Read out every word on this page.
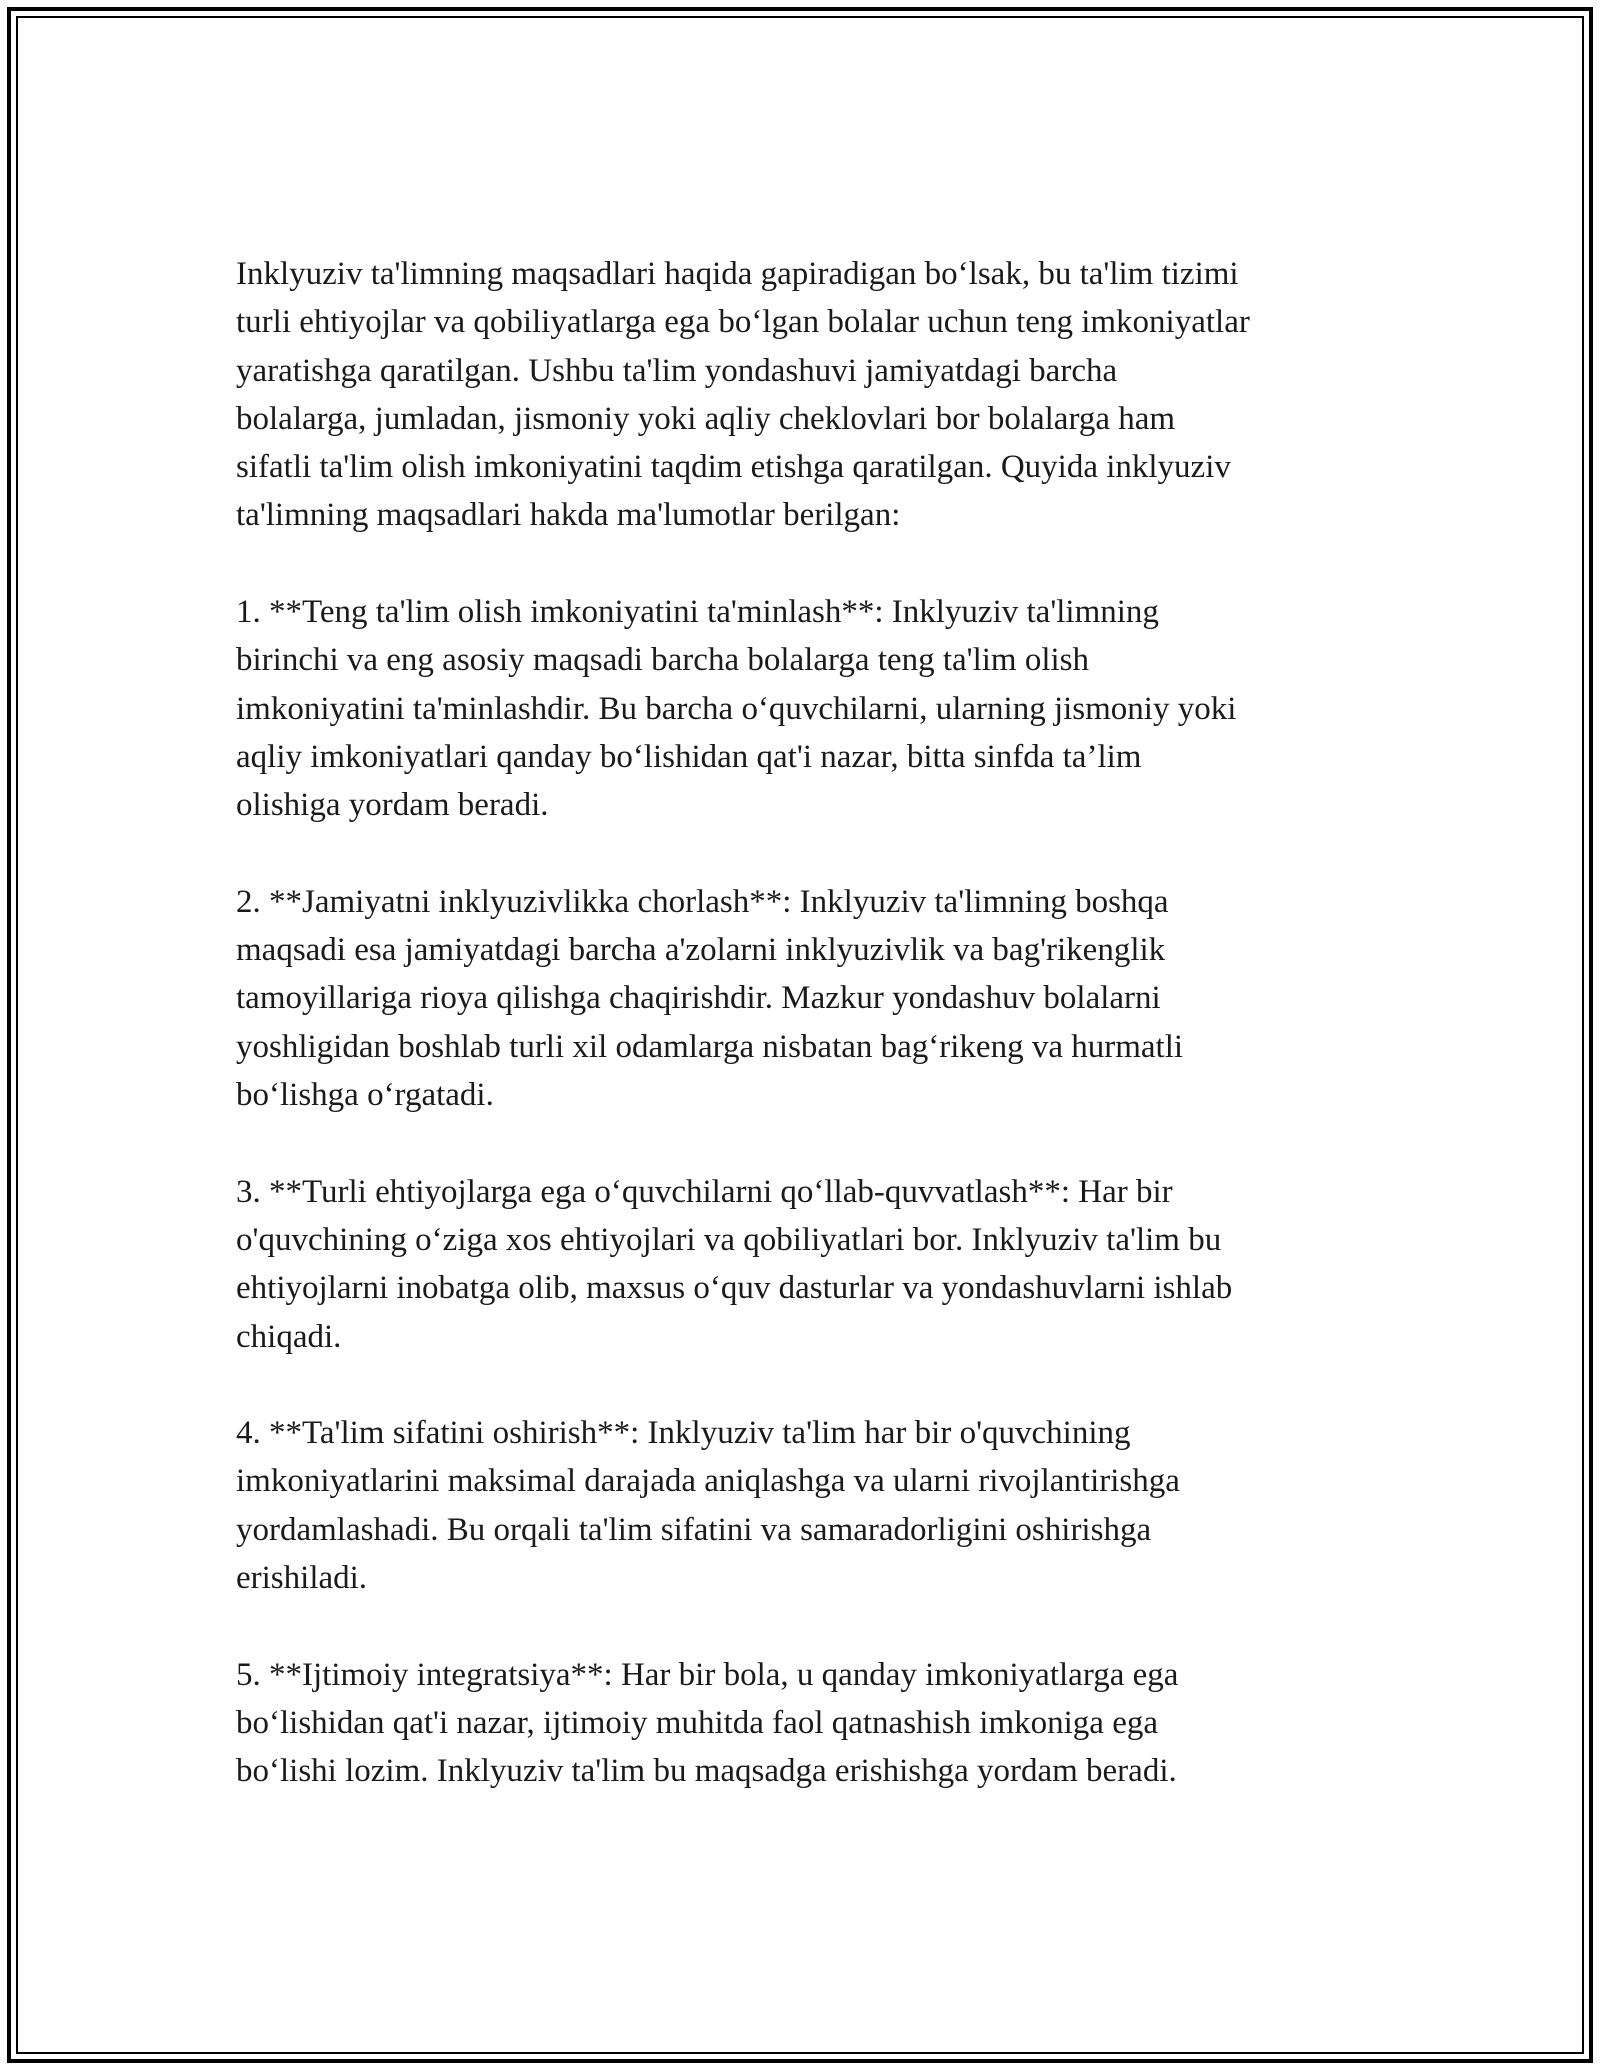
Inklyuziv ta'limning maqsadlari haqida gapiradigan bo‘lsak, bu ta'lim tizimi
turli ehtiyojlar va qobiliyatlarga ega bo‘lgan bolalar uchun teng imkoniyatlar
yaratishga qaratilgan. Ushbu ta'lim yondashuvi jamiyatdagi barcha
bolalarga, jumladan, jismoniy yoki aqliy cheklovlari bor bolalarga ham
sifatli ta'lim olish imkoniyatini taqdim etishga qaratilgan. Quyida inklyuziv
ta'limning maqsadlari hakda ma'lumotlar berilgan:

1. **Teng ta'lim olish imkoniyatini ta'minlash**: Inklyuziv ta'limning
birinchi va eng asosiy maqsadi barcha bolalarga teng ta'lim olish
imkoniyatini ta'minlashdir. Bu barcha o‘quvchilarni, ularning jismoniy yoki
aqliy imkoniyatlari qanday bo‘lishidan qat'i nazar, bitta sinfda ta’lim
olishiga yordam beradi.

2. **Jamiyatni inklyuzivlikka chorlash**: Inklyuziv ta'limning boshqa
maqsadi esa jamiyatdagi barcha a'zolarni inklyuzivlik va bag'rikenglik
tamoyillariga rioya qilishga chaqirishdir. Mazkur yondashuv bolalarni
yoshligidan boshlab turli xil odamlarga nisbatan bag‘rikeng va hurmatli
bo‘lishga o‘rgatadi.

3. **Turli ehtiyojlarga ega o‘quvchilarni qo‘llab-quvvatlash**: Har bir
o'quvchining o‘ziga xos ehtiyojlari va qobiliyatlari bor. Inklyuziv ta'lim bu
ehtiyojlarni inobatga olib, maxsus o‘quv dasturlar va yondashuvlarni ishlab
chiqadi.

4. **Ta'lim sifatini oshirish**: Inklyuziv ta'lim har bir o'quvchining
imkoniyatlarini maksimal darajada aniqlashga va ularni rivojlantirishga
yordamlashadi. Bu orqali ta'lim sifatini va samaradorligini oshirishga
erishiladi.

5. **Ijtimoiy integratsiya**: Har bir bola, u qanday imkoniyatlarga ega
bo‘lishidan qat'i nazar, ijtimoiy muhitda faol qatnashish imkoniga ega
bo‘lishi lozim. Inklyuziv ta'lim bu maqsadga erishishga yordam beradi.
